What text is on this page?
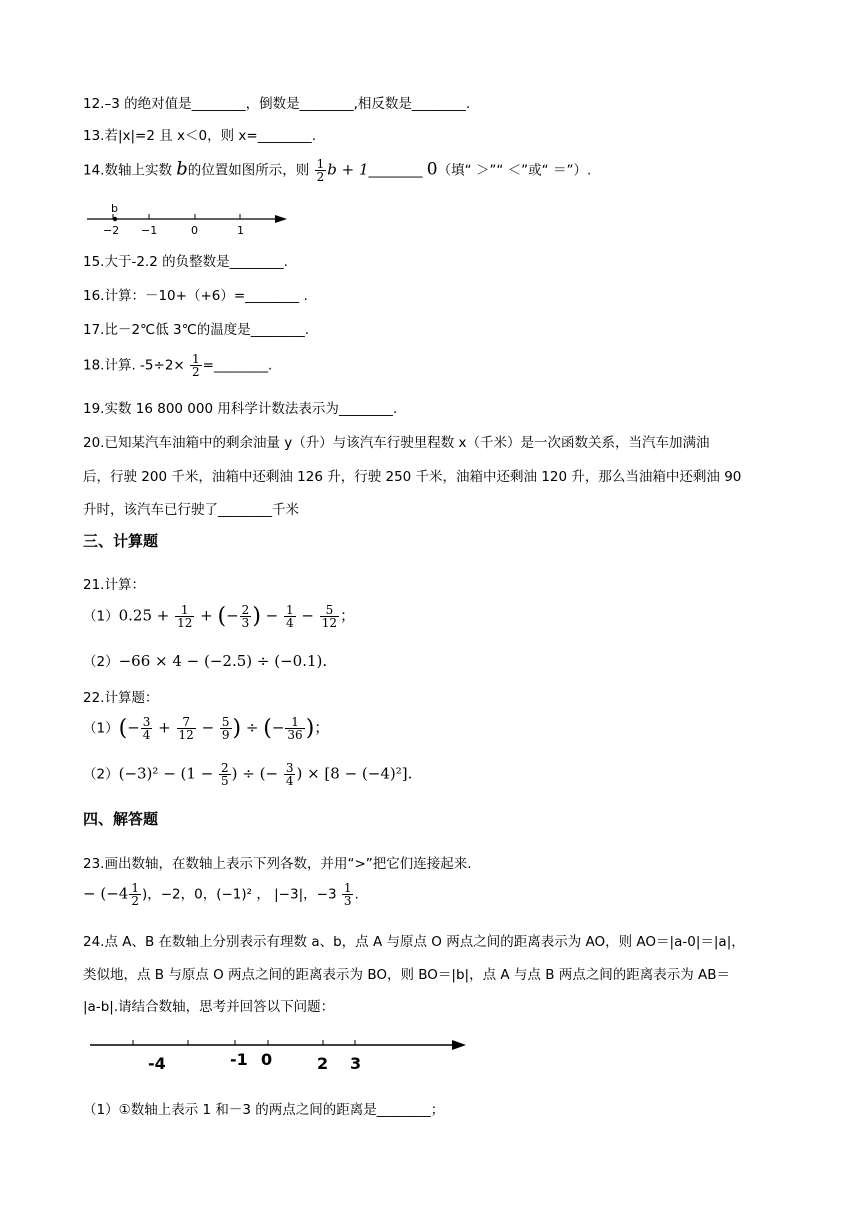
12.–3 的绝对值是________，倒数是________,相反数是________.
13.若|x|=2 且 x＜0，则 x=________.
14.数轴上实数 b的位置如图所示，则 $\frac{1}{2}$ b + 1________ 0（填“ ＞”“ ＜”或“ ＝”）.
b
−2 −1	0	1
15.大于-2.2 的负整数是________.
16.计算：－10+（+6）=________ .
17.比－2℃低 3℃的温度是________.
18.计算. $-5\div 2\times \frac{1}{2}$ =________.
19.实数 16 800 000 用科学计数法表示为________.
20.已知某汽车油箱中的剩余油量 y（升）与该汽车行驶里程数 x（千米）是一次函数关系，当汽车加满油
后，行驶 200 千米，油箱中还剩油 126 升，行驶 250 千米，油箱中还剩油 120 升，那么当油箱中还剩油 90
升时，该汽车已行驶了________千米
三、计算题
21.计算：
$(1)0.25 + \frac{1}{12}$ + (− $\frac{2}{3}$ ) − $\frac{1}{4} - \frac{5}{12}$ ；
（2）−66 × 4 − (−2.5) ÷ (−0.1).
22.计算题：
$(1)(- \frac{3}{4} + \frac{7}{12} - \frac{5}{9}$ ) ÷ (− $\frac{1}{36}$ )；
$(2)(-3)^2 - (1 - \frac{2}{5}$ ) ÷ (− $\frac{3}{4}$ ) × [8 − (−4)²].
四、解答题
23.画出数轴，在数轴上表示下列各数，并用“>”把它们连接起来.
− ($-4 \frac{1}{2}$ )，−2，0，(−1)² ， |−3|，$-3 \frac{1}{3}$ .
24.点 A、B 在数轴上分别表示有理数 a、b，点 A 与原点 O 两点之间的距离表示为 AO，则 AO＝|a-0|＝|a|，
类似地，点 B 与原点 O 两点之间的距离表示为 BO，则 BO＝|b|，点 A 与点 B 两点之间的距离表示为 AB＝
|a-b|.请结合数轴，思考并回答以下问题：
-4	-1 0	2 3
（1）①数轴上表示 1 和－3 的两点之间的距离是________；
